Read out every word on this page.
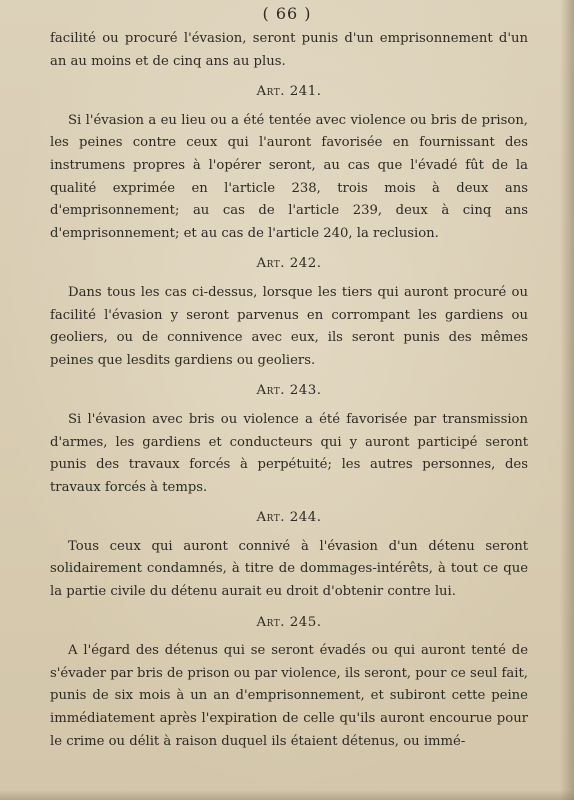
( 66 )

facilité ou procuré l'évasion, seront punis d'un emprisonnement d'un an au moins et de cinq ans au plus.

Art. 241.

Si l'évasion a eu lieu ou a été tentée avec violence ou bris de prison, les peines contre ceux qui l'auront favorisée en fournissant des instrumens propres à l'opérer seront, au cas que l'évadé fût de la qualité exprimée en l'article 238, trois mois à deux ans d'emprisonnement; au cas de l'article 239, deux à cinq ans d'emprisonnement; et au cas de l'article 240, la reclusion.

Art. 242.

Dans tous les cas ci-dessus, lorsque les tiers qui auront procuré ou facilité l'évasion y seront parvenus en corrompant les gardiens ou geoliers, ou de connivence avec eux, ils seront punis des mêmes peines que lesdits gardiens ou geoliers.

Art. 243.

Si l'évasion avec bris ou violence a été favorisée par transmission d'armes, les gardiens et conducteurs qui y auront participé seront punis des travaux forcés à perpétuité; les autres personnes, des travaux forcés à temps.

Art. 244.

Tous ceux qui auront connivé à l'évasion d'un détenu seront solidairement condamnés, à titre de dommages-intérêts, à tout ce que la partie civile du détenu aurait eu droit d'obtenir contre lui.

Art. 245.

A l'égard des détenus qui se seront évadés ou qui auront tenté de s'évader par bris de prison ou par violence, ils seront, pour ce seul fait, punis de six mois à un an d'emprisonnement, et subiront cette peine immédiatement après l'expiration de celle qu'ils auront encourue pour le crime ou délit à raison duquel ils étaient détenus, ou immé-
